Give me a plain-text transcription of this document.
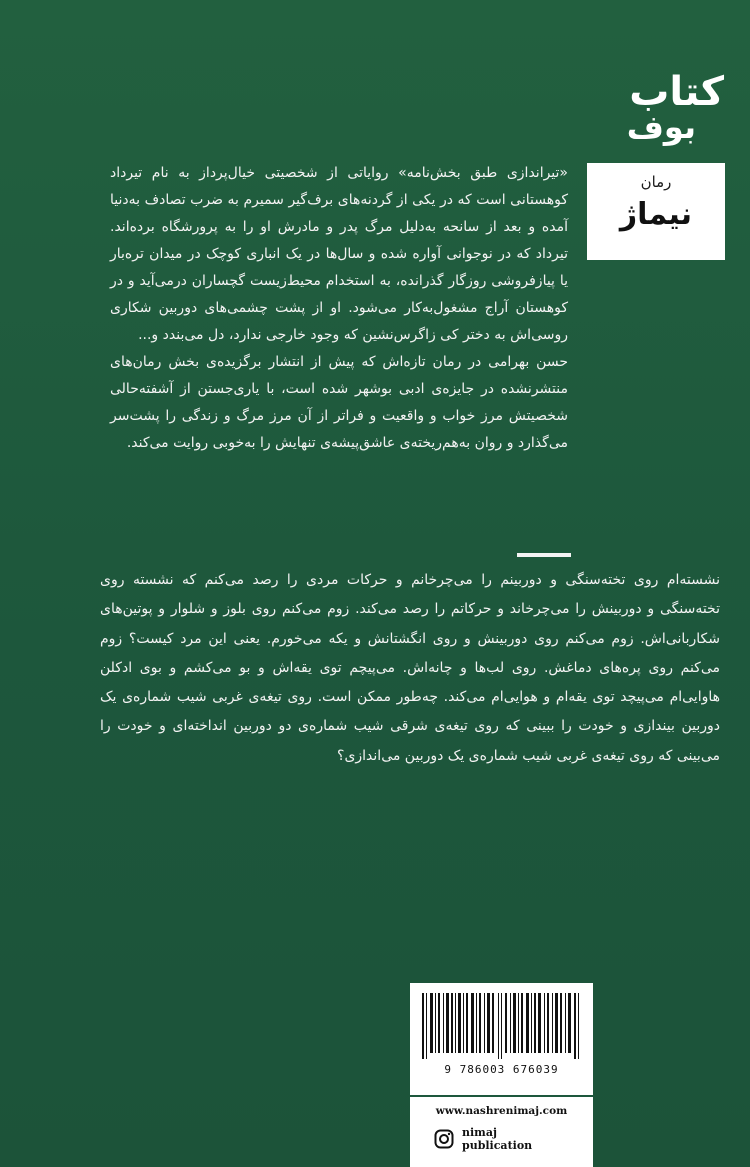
کتاب
بوف
رمان
نیماژ

«تیراندازی طبق بخش‌نامه» روایاتی از شخصیتی خیال‌پرداز به نام تیرداد کوهستانی است که در یکی از گردنه‌های برف‌گیر سمیرم به ضرب تصادف به‌دنیا آمده و بعد از سانحه به‌دلیل مرگ پدر و مادرش او را به پرورشگاه برده‌اند. تیرداد که در نوجوانی آواره شده و سال‌ها در یک انباری کوچک در میدان تره‌بار یا پیازفروشی روزگار گذرانده، به استخدام محیط‌زیست گچساران درمی‌آید و در کوهستان آراج مشغول‌به‌کار می‌شود. او از پشت چشمی‌های دوربین شکاری روسی‌اش به دختر کی زاگرس‌نشین که وجود خارجی ندارد، دل می‌بندد و...

حسن بهرامی در رمان تازه‌اش که پیش از انتشار برگزیده‌ی بخش رمان‌های منتشرنشده در جایزه‌ی ادبی بوشهر شده است، با یاری‌جستن از آشفته‌حالی شخصیتش مرز خواب و واقعیت و فراتر از آن مرز مرگ و زندگی را پشت‌سر می‌گذارد و روان به‌هم‌ریخته‌ی عاشق‌پیشه‌ی تنهایش را به‌خوبی روایت می‌کند.

نشسته‌ام روی تخته‌سنگی و دوربینم را می‌چرخانم و حرکات مردی را رصد می‌کنم که نشسته روی تخته‌سنگی و دوربینش را می‌چرخاند و حرکاتم را رصد می‌کند. زوم می‌کنم روی بلوز و شلوار و پوتین‌های شکاربانی‌اش. زوم می‌کنم روی دوربینش و روی انگشتانش و یکه می‌خورم. یعنی این مرد کیست؟ زوم می‌کنم روی پره‌های دماغش. روی لب‌ها و چانه‌اش. می‌پیچم توی یقه‌اش و بو می‌کشم و بوی ادکلن هاوایی‌ام می‌پیچد توی یقه‌ام و هوایی‌ام می‌کند. چه‌طور ممکن است. روی تیغه‌ی غربی شیب شماره‌ی یک دوربین بیندازی و خودت را ببینی که روی تیغه‌ی شرقی شیب شماره‌ی دو دوربین انداخته‌ای و خودت را می‌بینی که روی تیغه‌ی غربی شیب شماره‌ی یک دوربین می‌اندازی؟
9 786003 676039
www.nashrenimaj.com
nimaj
publication
